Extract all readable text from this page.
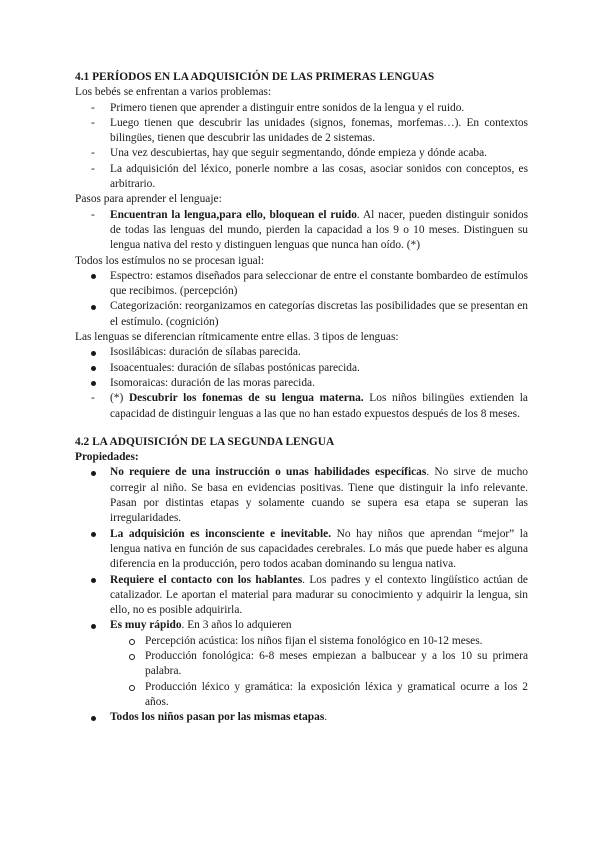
4.1 PERÍODOS EN LA ADQUISICIÓN DE LAS PRIMERAS LENGUAS

Los bebés se enfrentan a varios problemas:

- Primero tienen que aprender a distinguir entre sonidos de la lengua y el ruido.
- Luego tienen que descubrir las unidades (signos, fonemas, morfemas…). En contextos bilingües, tienen que descubrir las unidades de 2 sistemas.
- Una vez descubiertas, hay que seguir segmentando, dónde empieza y dónde acaba.
- La adquisición del léxico, ponerle nombre a las cosas, asociar sonidos con conceptos, es arbitrario.

Pasos para aprender el lenguaje:

- Encuentran la lengua,para ello, bloquean el ruido. Al nacer, pueden distinguir sonidos de todas las lenguas del mundo, pierden la capacidad a los 9 o 10 meses. Distinguen su lengua nativa del resto y distinguen lenguas que nunca han oído. (*)

Todos los estímulos no se procesan igual:

Espectro: estamos diseñados para seleccionar de entre el constante bombardeo de estímulos que recibimos. (percepción)
Categorización: reorganizamos en categorías discretas las posibilidades que se presentan en el estímulo. (cognición)

Las lenguas se diferencian rítmicamente entre ellas. 3 tipos de lenguas:

Isosilábicas: duración de sílabas parecida.
Isoacentuales: duración de sílabas postónicas parecida.
Isomoraicas: duración de las moras parecida.
- (*) Descubrir los fonemas de su lengua materna. Los niños bilingües extienden la capacidad de distinguir lenguas a las que no han estado expuestos después de los 8 meses.

4.2 LA ADQUISICIÓN DE LA SEGUNDA LENGUA

Propiedades:

No requiere de una instrucción o unas habilidades específicas. No sirve de mucho corregir al niño. Se basa en evidencias positivas. Tiene que distinguir la info relevante. Pasan por distintas etapas y solamente cuando se supera esa etapa se superan las irregularidades.
La adquisición es inconsciente e inevitable. No hay niños que aprendan “mejor” la lengua nativa en función de sus capacidades cerebrales. Lo más que puede haber es alguna diferencia en la producción, pero todos acaban dominando su lengua nativa.
Requiere el contacto con los hablantes. Los padres y el contexto lingüístico actúan de catalizador. Le aportan el material para madurar su conocimiento y adquirir la lengua, sin ello, no es posible adquirirla.
Es muy rápido. En 3 años lo adquieren
Percepción acústica: los niños fijan el sistema fonológico en 10-12 meses.
Producción fonológica: 6-8 meses empiezan a balbucear y a los 10 su primera palabra.
Producción léxico y gramática: la exposición léxica y gramatical ocurre a los 2 años.
Todos los niños pasan por las mismas etapas.
